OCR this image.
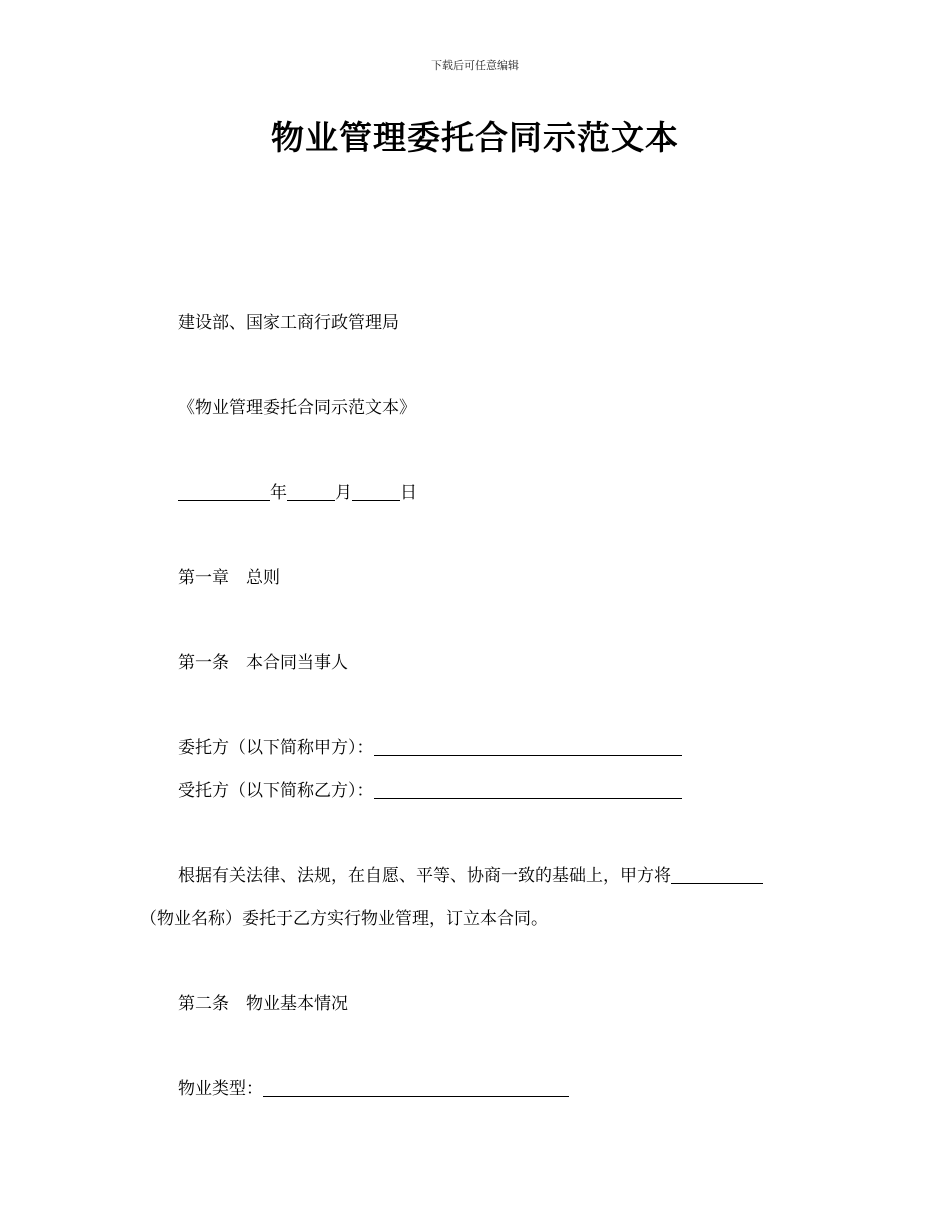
下载后可任意编辑
物业管理委托合同示范文本
建设部、国家工商行政管理局
《物业管理委托合同示范文本》
年	月	日
第一章 总则
第一条 本合同当事人
委托方（以下简称甲方）：
受托方（以下简称乙方）：
根据有关法律、法规，在自愿、平等、协商一致的基础上，甲方将
（物业名称）委托于乙方实行物业管理，订立本合同。
第二条 物业基本情况
物业类型：
